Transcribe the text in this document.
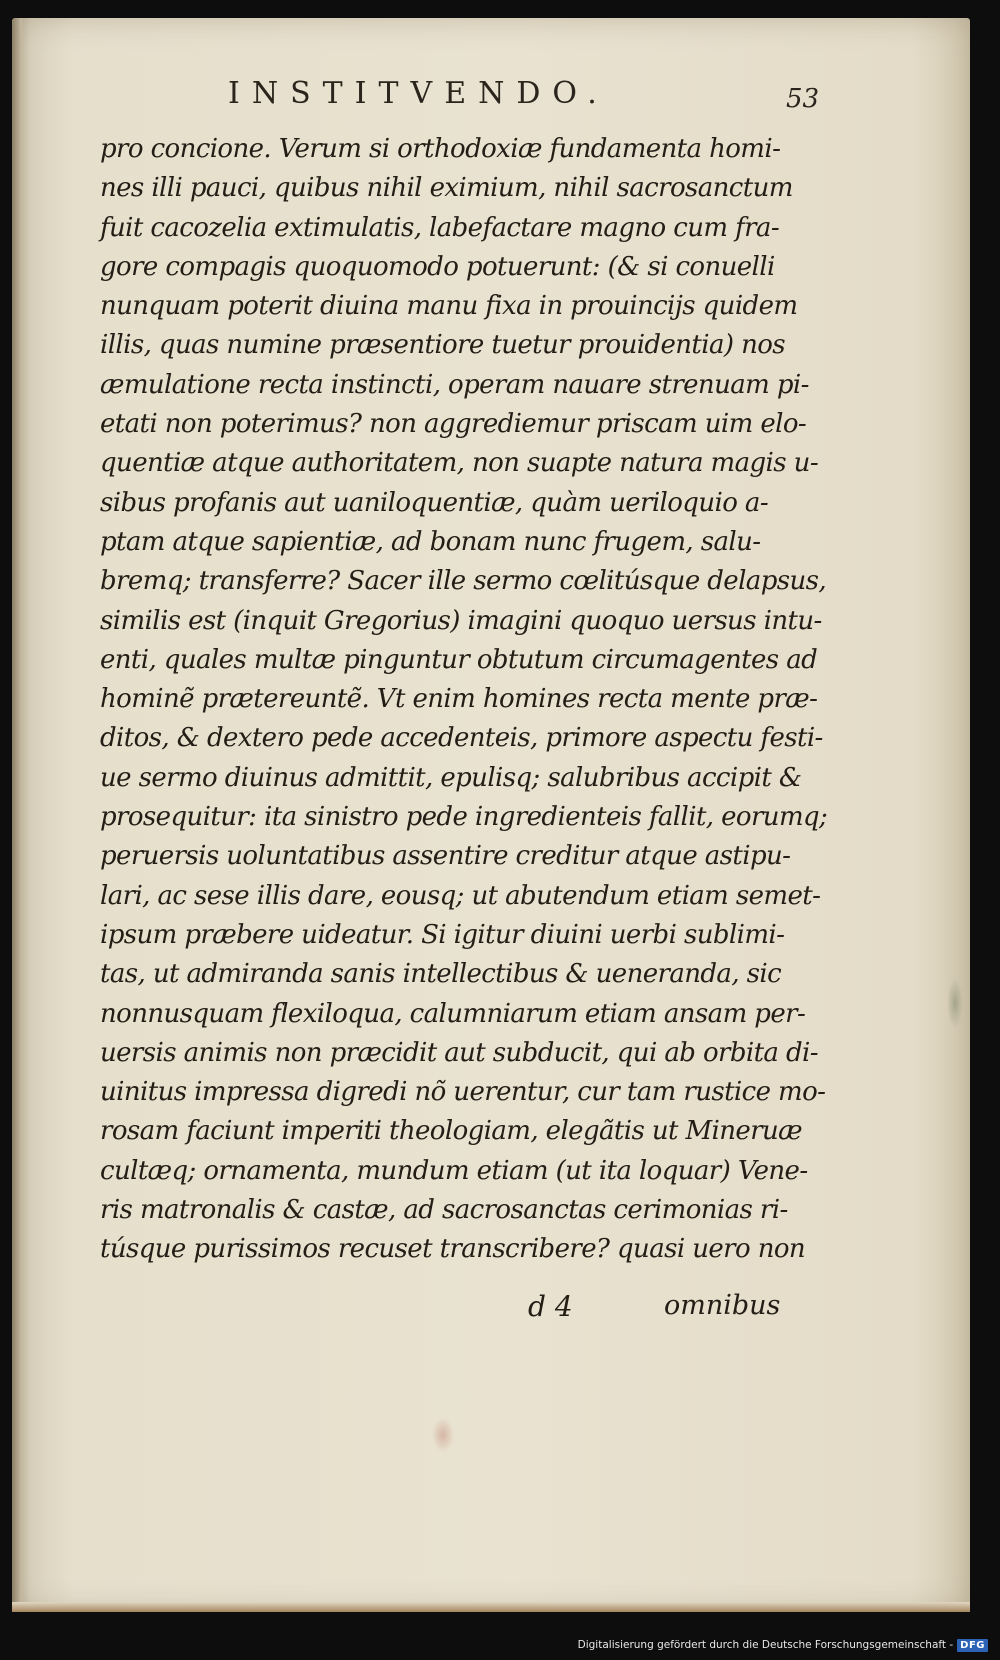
INSTITVENDO.	53
pro concione. Verum si orthodoxiæ fundamenta homi-
nes illi pauci, quibus nihil eximium, nihil sacrosanctum
fuit cacozelia extimulatis, labefactare magno cum fra-
gore compagis quoquomodo potuerunt: (& si conuelli
nunquam poterit diuina manu fixa in prouincijs quidem
illis, quas numine præsentiore tuetur prouidentia) nos
æmulatione recta instincti, operam nauare strenuam pi-
etati non poterimus? non aggrediemur priscam uim elo-
quentiæ atque authoritatem, non suapte natura magis u-
sibus profanis aut uaniloquentiæ, quàm ueriloquio a-
ptam atque sapientiæ, ad bonam nunc frugem, salu-
bremq; transferre? Sacer ille sermo cœlitúsque delapsus,
similis est (inquit Gregorius) imagini quoquo uersus intu-
enti, quales multæ pinguntur obtutum circumagentes ad
hominẽ prætereuntẽ. Vt enim homines recta mente præ-
ditos, & dextero pede accedenteis, primore aspectu festi-
ue sermo diuinus admittit, epulisq; salubribus accipit &
prosequitur: ita sinistro pede ingredienteis fallit, eorumq;
peruersis uoluntatibus assentire creditur atque astipu-
lari, ac sese illis dare, eousq; ut abutendum etiam semet-
ipsum præbere uideatur. Si igitur diuini uerbi sublimi-
tas, ut admiranda sanis intellectibus & ueneranda, sic
nonnusquam flexiloqua, calumniarum etiam ansam per-
uersis animis non præcidit aut subducit, qui ab orbita di-
uinitus impressa digredi nõ uerentur, cur tam rustice mo-
rosam faciunt imperiti theologiam, elegãtis ut Mineruæ
cultæq; ornamenta, mundum etiam (ut ita loquar) Vene-
ris matronalis & castæ, ad sacrosanctas cerimonias ri-
túsque purissimos recuset transcribere? quasi uero non
d 4	omnibus
Digitalisierung gefördert durch die Deutsche Forschungsgemeinschaft - DFG
